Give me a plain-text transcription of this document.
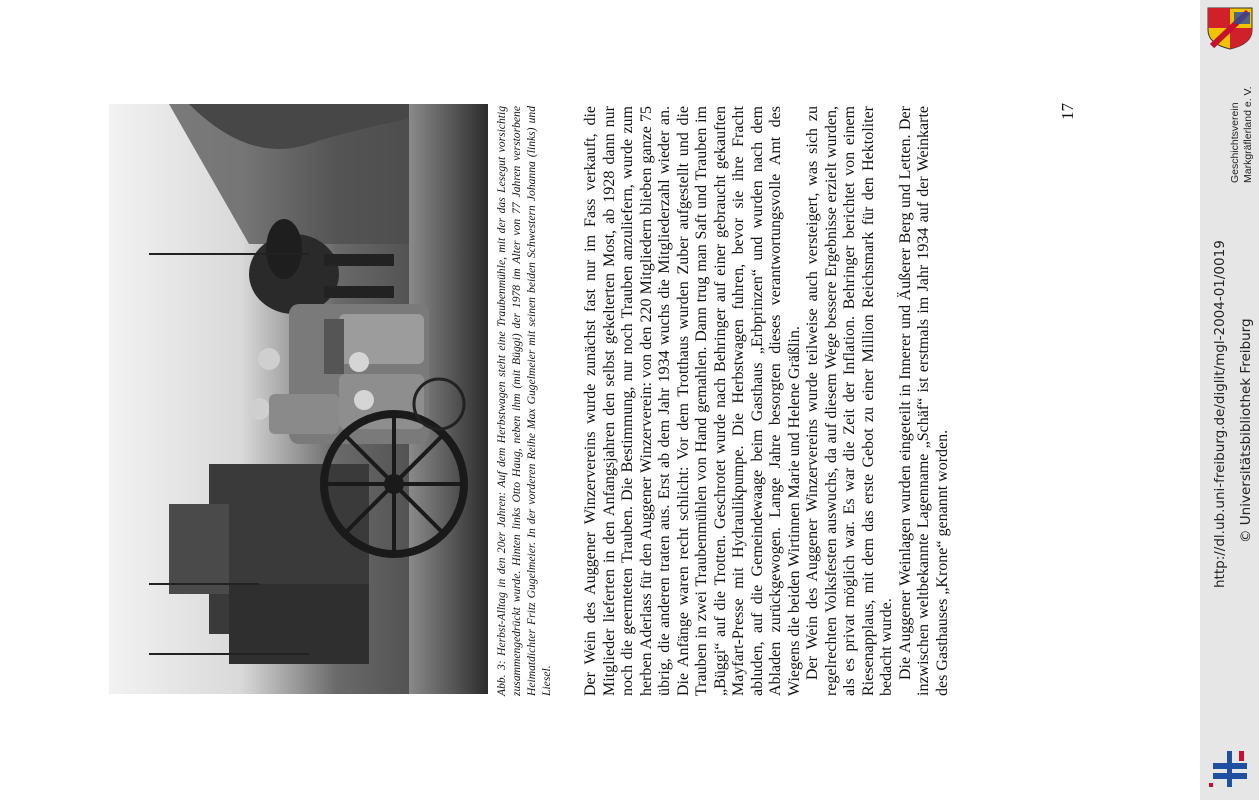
Geschichtsverein Markgräflerland e. V.
http://dl.ub.uni-freiburg.de/diglit/mgl-2004-01/0019 © Universitätsbibliothek Freiburg
Abb. 3: Herbst-Alltag in den 20er Jahren: Auf dem Herbstwagen steht eine Traubenmühle, mit der das Lesegut vorsichtig zusammengedrückt wurde. Hinten links Otto Haug, neben ihm (mit Büggi) der 1978 im Alter von 77 Jahren verstorbene Heimatdichter Fritz Gugelmeier. In der vorderen Reihe Max Gugelmeier mit seinen beiden Schwestern Johanna (links) und Liesel. Der Wein des Auggener Winzervereins wurde zunächst fast nur im Fass verkauft, die Mitglieder lieferten in den Anfangsjahren den selbst gekelterten Most, ab 1928 dann nur noch die geernteten Trauben. Die Bestimmung, nur noch Trauben anzuliefern, wurde zum herben Aderlass für den Auggener Winzerverein: von den 220 Mitgliedern blieben ganze 75 übrig, die anderen traten aus. Erst ab dem Jahr 1934 wuchs die Mitgliederzahl wieder an. Die Anfänge waren recht schlicht: Vor dem Trotthaus wurden Zuber aufgestellt und die Trauben in zwei Traubenmühlen von Hand gemahlen. Dann trug man Saft und Trauben im „Büggi“ auf die Trotten. Geschrotet wurde nach Behringer auf einer gebraucht gekauften Mayfart-Presse mit Hydraulikpumpe. Die Herbstwagen fuhren, bevor sie ihre Fracht abluden, auf die Gemeindewaage beim Gasthaus „Erbprinzen“ und wurden nach dem Abladen zurückgewogen. Lange Jahre besorgten dieses verantwortungsvolle Amt des Wiegens die beiden Wirtinnen Marie und Helene Gräßlin. Der Wein des Auggener Winzervereins wurde teilweise auch versteigert, was sich zu regelrechten Volksfesten auswuchs, da auf diesem Wege bessere Ergebnisse erzielt wurden, als es privat möglich war. Es war die Zeit der Inflation. Behringer berichtet von einem Riesenapplaus, mit dem das erste Gebot zu einer Million Reichsmark für den Hektoliter bedacht wurde. Die Auggener Weinlagen wurden eingeteilt in Innerer und Äußerer Berg und Letten. Der inzwischen weltbekannte Lagenname „Schäf“ ist erstmals im Jahr 1934 auf der Weinkarte des Gasthauses „Krone“ genannt worden.

17
